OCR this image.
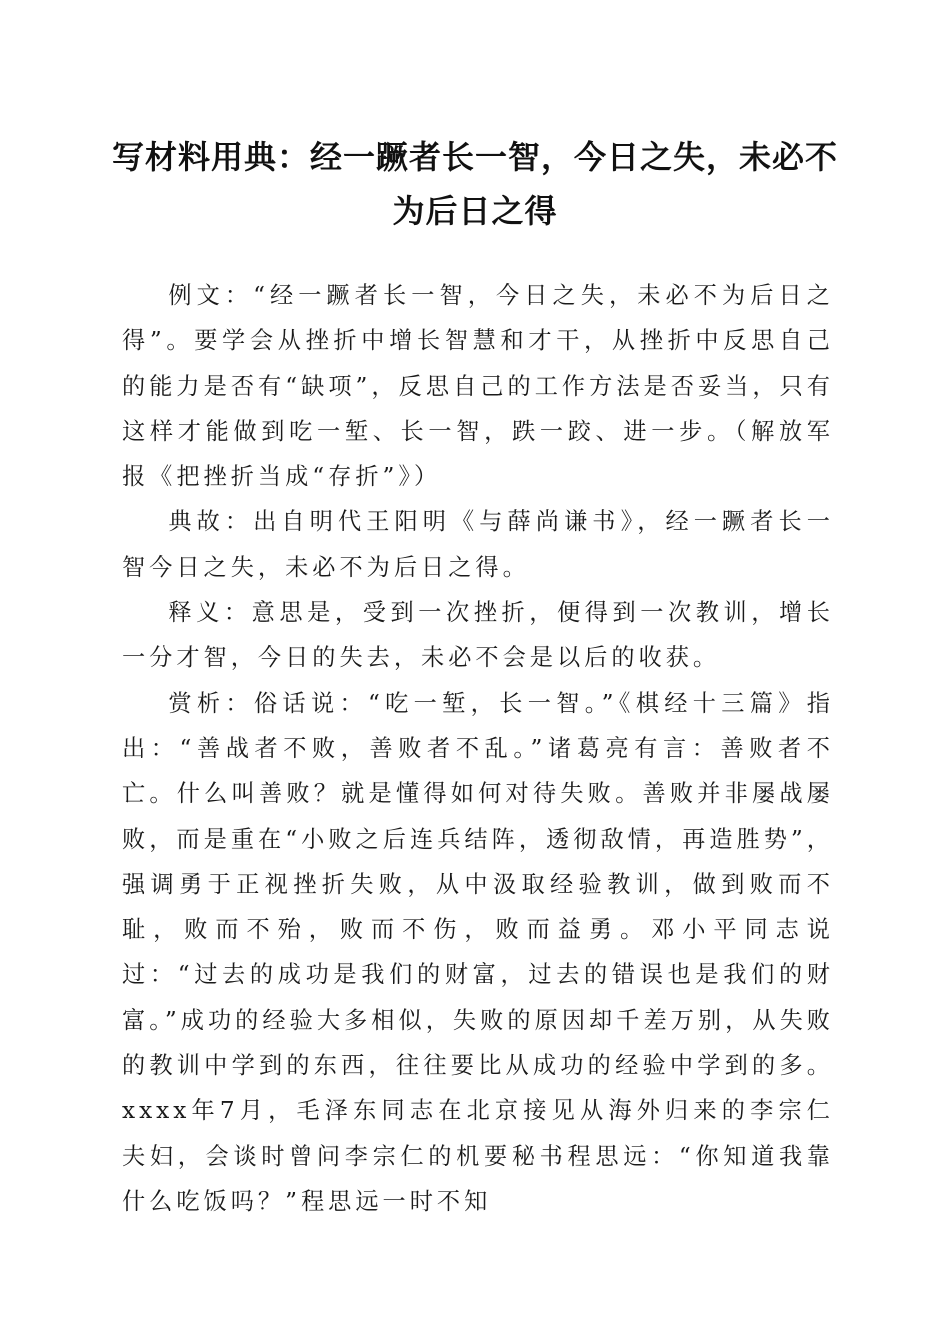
写材料用典：经一蹶者长一智，今日之失，未必不为后日之得

例文：“经一蹶者长一智，今日之失，未必不为后日之得”。要学会从挫折中增长智慧和才干，从挫折中反思自己的能力是否有“缺项”，反思自己的工作方法是否妥当，只有这样才能做到吃一堑、长一智，跌一跤、进一步。（解放军报《把挫折当成“存折”》）

典故：出自明代王阳明《与薛尚谦书》，经一蹶者长一智今日之失，未必不为后日之得。

释义：意思是，受到一次挫折，便得到一次教训，增长一分才智，今日的失去，未必不会是以后的收获。

赏析：俗话说：“吃一堑，长一智。”《棋经十三篇》指出：“善战者不败，善败者不乱。”诸葛亮有言：善败者不亡。什么叫善败？就是懂得如何对待失败。善败并非屡战屡败，而是重在“小败之后连兵结阵，透彻敌情，再造胜势”，强调勇于正视挫折失败，从中汲取经验教训，做到败而不耻，败而不殆，败而不伤，败而益勇。邓小平同志说过：“过去的成功是我们的财富，过去的错误也是我们的财富。”成功的经验大多相似，失败的原因却千差万别，从失败的教训中学到的东西，往往要比从成功的经验中学到的多。xxxx年7月，毛泽东同志在北京接见从海外归来的李宗仁夫妇，会谈时曾问李宗仁的机要秘书程思远：“你知道我靠什么吃饭吗？”程思远一时不知
